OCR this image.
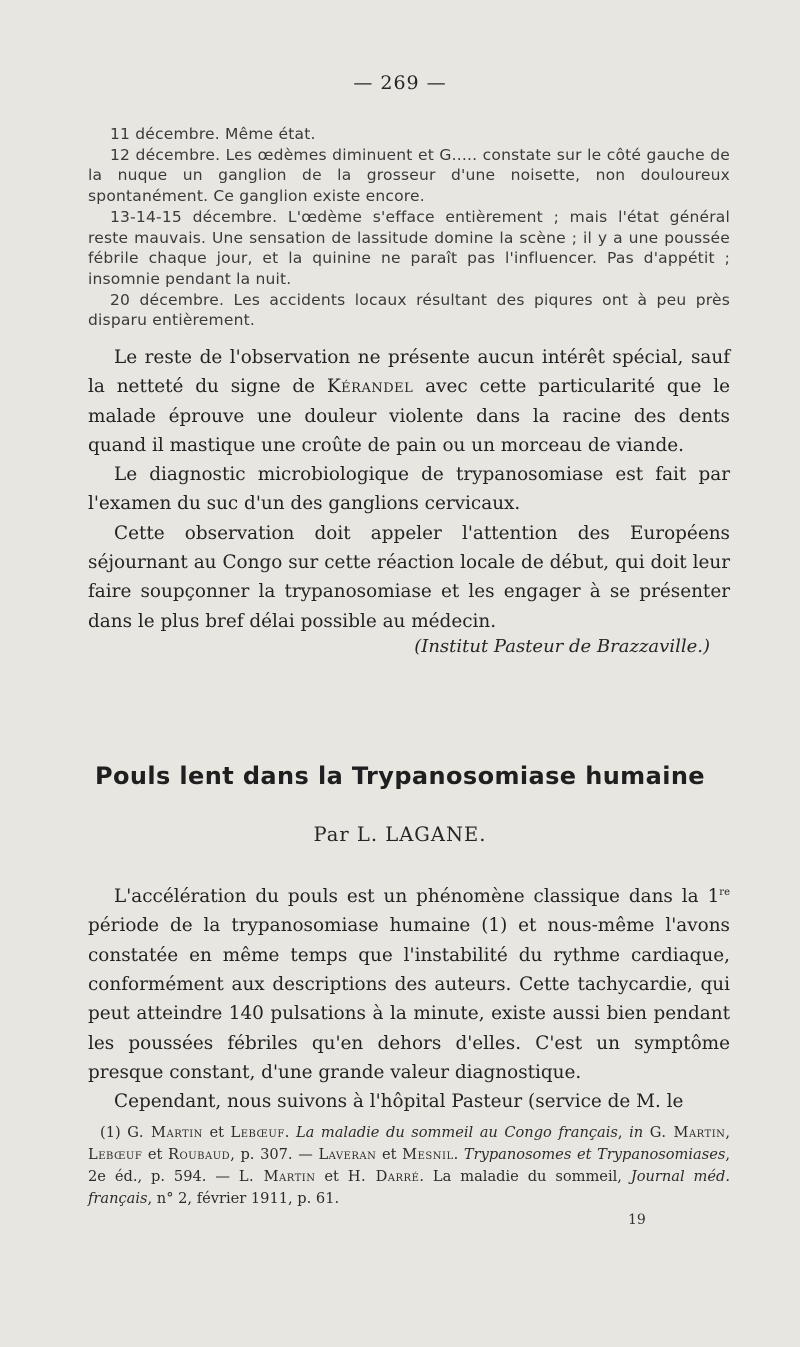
— 269 —

11 décembre. Même état.

12 décembre. Les œdèmes diminuent et G..... constate sur le côté gauche de la nuque un ganglion de la grosseur d'une noisette, non douloureux spontanément. Ce ganglion existe encore.

13-14-15 décembre. L'œdème s'efface entièrement ; mais l'état général reste mauvais. Une sensation de lassitude domine la scène ; il y a une poussée fébrile chaque jour, et la quinine ne paraît pas l'influencer. Pas d'appétit ; insomnie pendant la nuit.

20 décembre. Les accidents locaux résultant des piqures ont à peu près disparu entièrement.

Le reste de l'observation ne présente aucun intérêt spécial, sauf la netteté du signe de Kérandel avec cette particularité que le malade éprouve une douleur violente dans la racine des dents quand il mastique une croûte de pain ou un morceau de viande.

Le diagnostic microbiologique de trypanosomiase est fait par l'examen du suc d'un des ganglions cervicaux.

Cette observation doit appeler l'attention des Européens séjournant au Congo sur cette réaction locale de début, qui doit leur faire soupçonner la trypanosomiase et les engager à se présenter dans le plus bref délai possible au médecin.

(Institut Pasteur de Brazzaville.)
Pouls lent dans la Trypanosomiase humaine
Par L. LAGANE.

L'accélération du pouls est un phénomène classique dans la 1re période de la trypanosomiase humaine (1) et nous-même l'avons constatée en même temps que l'instabilité du rythme cardiaque, conformément aux descriptions des auteurs. Cette tachycardie, qui peut atteindre 140 pulsations à la minute, existe aussi bien pendant les poussées fébriles qu'en dehors d'elles. C'est un symptôme presque constant, d'une grande valeur diagnostique.

Cependant, nous suivons à l'hôpital Pasteur (service de M. le

(1) G. Martin et Lebœuf. La maladie du sommeil au Congo français, in G. Martin, Lebœuf et Roubaud, p. 307. — Laveran et Mesnil. Trypanosomes et Trypanosomiases, 2e éd., p. 594. — L. Martin et H. Darré. La maladie du sommeil, Journal méd. français, n° 2, février 1911, p. 61.

19
